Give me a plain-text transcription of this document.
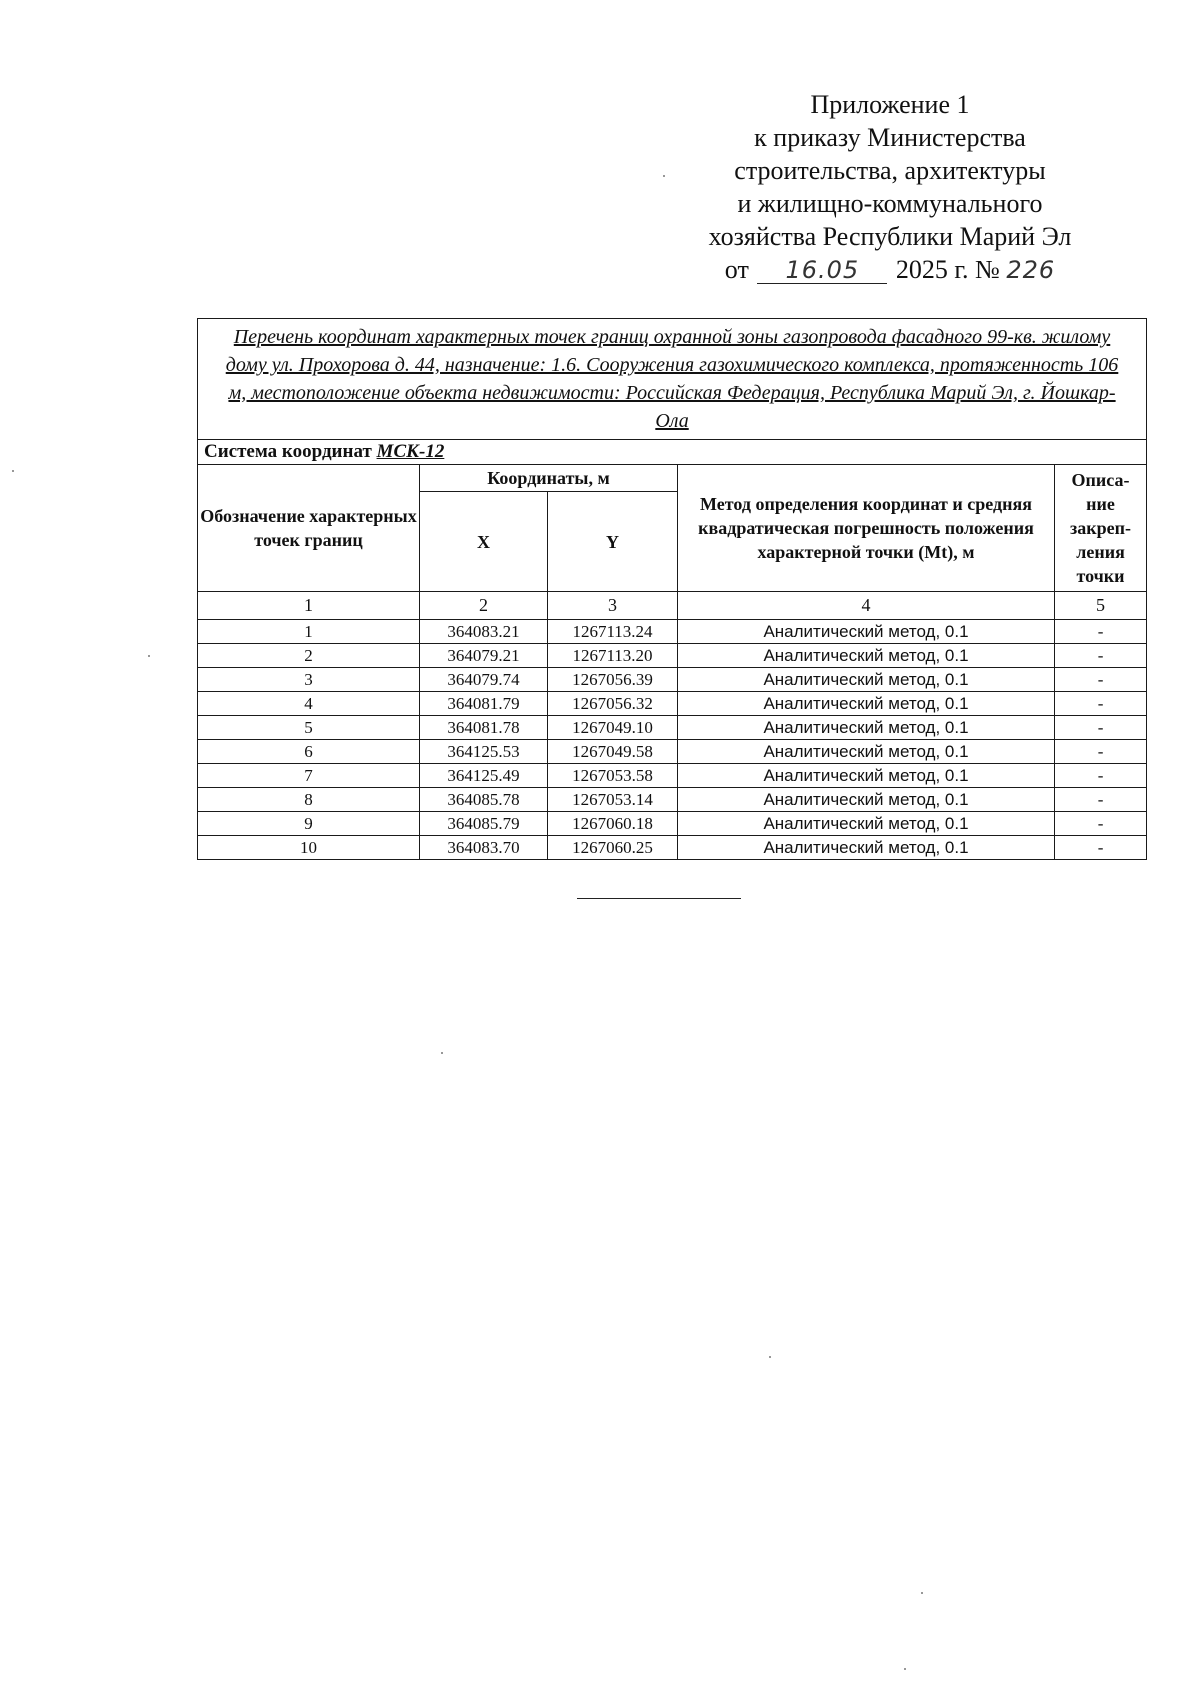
Приложение 1
к приказу Министерства
строительства, архитектуры
и жилищно-коммунального
хозяйства Республики Марий Эл
от 16.05 2025 г. № 226
Перечень координат характерных точек границ охранной зоны газопровода фасадного 99-кв. жилому дому ул. Прохорова д. 44, назначение: 1.6. Сооружения газохимического комплекса, протяженность 106 м, местоположение объекта недвижимости: Российская Федерация, Республика Марий Эл, г. Йошкар-Ола				
Система координат МСК-12				
Обозначение характерных точек границ	Координаты, м		Метод определения координат и средняя квадратическая погрешность положения характерной точки (Mt), м	Описа-ние закреп-ления точки
	X	Y		
1	2	3	4	5
1	364083.21	1267113.24	Аналитический метод, 0.1	-
2	364079.21	1267113.20	Аналитический метод, 0.1	-
3	364079.74	1267056.39	Аналитический метод, 0.1	-
4	364081.79	1267056.32	Аналитический метод, 0.1	-
5	364081.78	1267049.10	Аналитический метод, 0.1	-
6	364125.53	1267049.58	Аналитический метод, 0.1	-
7	364125.49	1267053.58	Аналитический метод, 0.1	-
8	364085.78	1267053.14	Аналитический метод, 0.1	-
9	364085.79	1267060.18	Аналитический метод, 0.1	-
10	364083.70	1267060.25	Аналитический метод, 0.1	-
